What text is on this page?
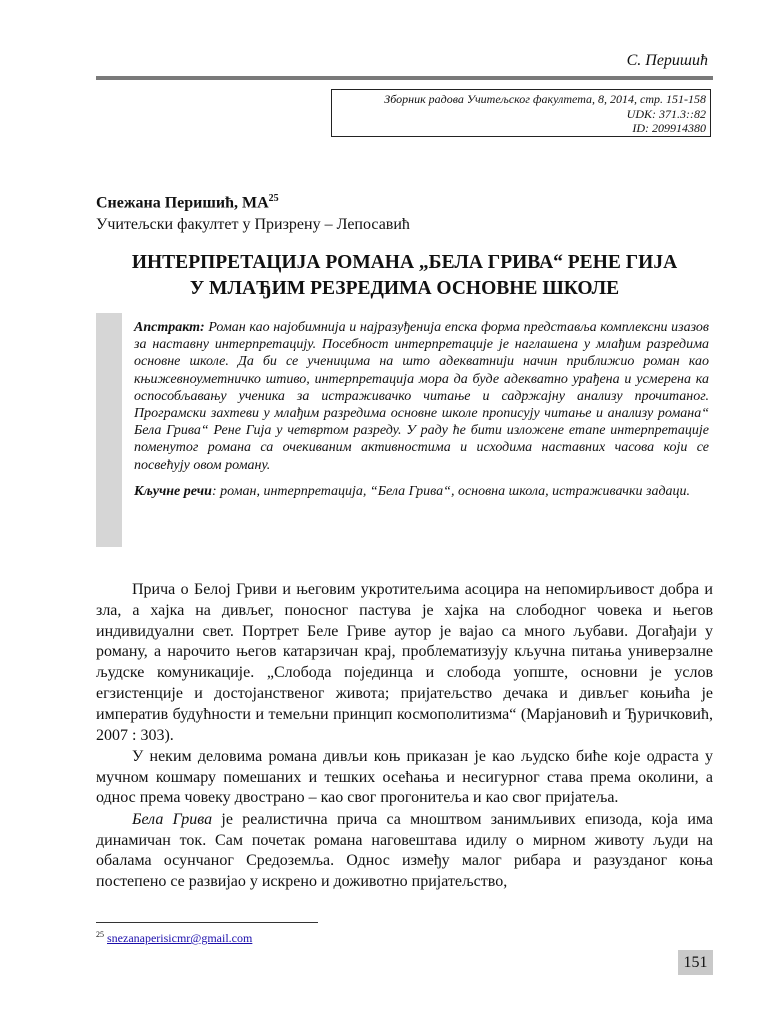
С. Перишић
Зборник радова Учитељског факултета, 8, 2014, стр. 151-158
UDK: 371.3::82
ID: 209914380
Снежана Перишић, МА$^{25}$
Учитељски факултет у Призрену – Лепосавић
ИНТЕРПРЕТАЦИЈА РОМАНА „БЕЛА ГРИВА“ РЕНЕ ГИЈА
У МЛАЂИМ РЕЗРЕДИМА ОСНОВНЕ ШКОЛЕ

Апстракт: Роман као најобимнија и најразуђенија епска форма представља комплексни изазов за наставну интерпретацију. Посебност интерпретације је наглашена у млађим разредима основне школе. Да би се ученицима на што адекватнији начин приближио роман као књижевноуметничко штиво, интерпретација мора да буде адекватно урађена и усмерена ка оспособљавању ученика за истраживачко читање и садржајну анализу прочитаног. Програмски захтеви у млађим разредима основне школе прописују читање и анализу романа“ Бела Грива“ Рене Гија у четвртом разреду. У раду ће бити изложене етапе интерпретације поменутог романа са очекиваним активностима и исходима наставних часова који се посвећују овом роману.

Кључне речи: роман, интерпретација, “Бела Грива“, основна школа, истраживачки задаци.

Прича о Белој Гриви и његовим укротитељима асоцира на непомирљивост добра и зла, а хајка на дивљег, поносног пастува је хајка на слободног човека и његов индивидуални свет. Портрет Беле Гриве аутор је вајао са много љубави. Догађаји у роману, а нарочито његов катарзичан крај, проблематизују кључна питања универзалне људске комуникације. „Слобода појединца и слобода уопште, основни је услов егзистенције и достојанственог живота; пријатељство дечака и дивљег коњића је императив будућности и темељни принцип космополитизма“ (Марјановић и Ђуричковић, 2007 : 303).

У неким деловима романа дивљи коњ приказан је као људско биће које одраста у мучном кошмару помешаних и тешких осећања и несигурног става према околини, а однос према човеку двострано – као свог прогонитеља и као свог пријатеља.

Бела Грива је реалистична прича са мноштвом занимљивих епизода, која има динамичан ток. Сам почетак романа наговештава идилу о мирном животу људи на обалама осунчаног Средоземља. Однос између малог рибара и разузданог коња постепено се развијао у искрено и доживотно пријатељство,

$^{25}$ snezanaperisicmr@gmail.com
151
